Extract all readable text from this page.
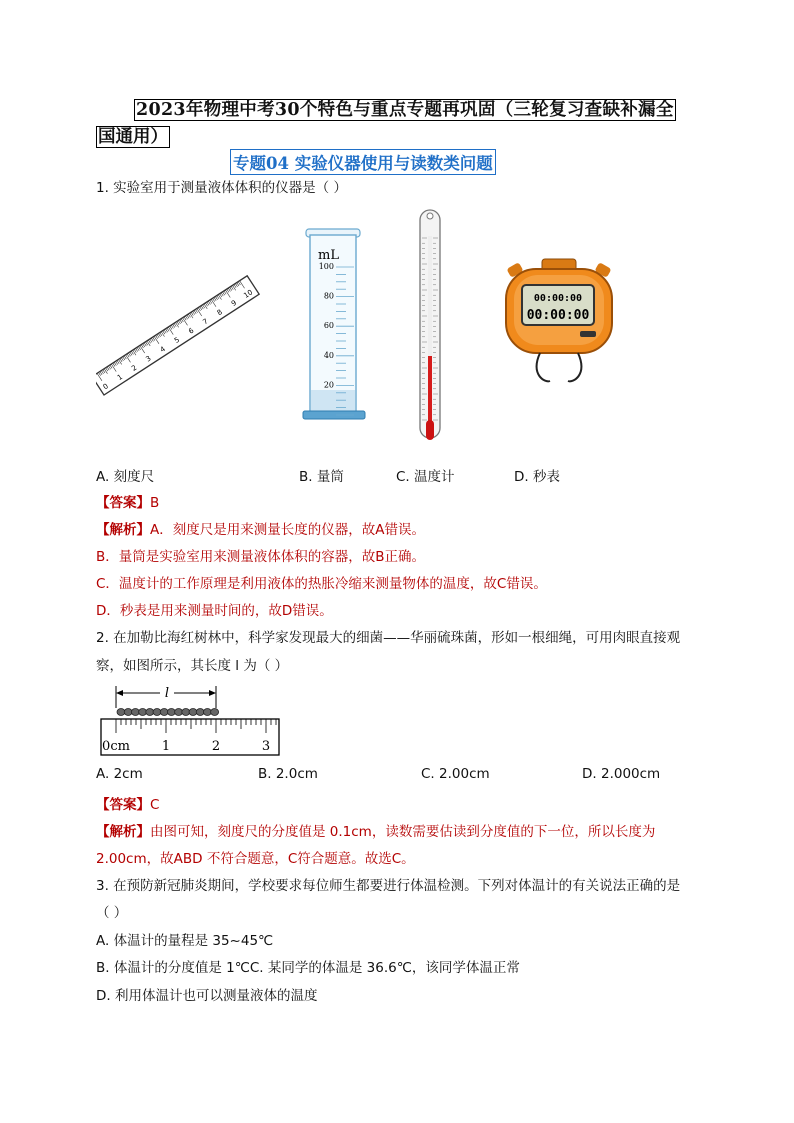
2023年物理中考30个特色与重点专题再巩固（三轮复习查缺补漏全
国通用）
专题04 实验仪器使用与读数类问题
1. 实验室用于测量液体体积的仪器是（ ）
0
1
2
3
4
5
6
7
8
9
10
mL
100
80
60
40
20
00:00:00
00:00:00
A. 刻度尺	B. 量筒	C. 温度计	D. 秒表
【答案】B
【解析】A．刻度尺是用来测量长度的仪器，故A错误。
B．量筒是实验室用来测量液体体积的容器，故B正确。
C．温度计的工作原理是利用液体的热胀冷缩来测量物体的温度，故C错误。
D．秒表是用来测量时间的，故D错误。
2. 在加勒比海红树林中，科学家发现最大的细菌——华丽硫珠菌，形如一根细绳，可用肉眼直接观
察，如图所示，其长度 l 为（ ）
l
0cm 1	2	3
A. 2cm	B. 2.0cm	C. 2.00cm	D. 2.000cm
【答案】C
【解析】由图可知，刻度尺的分度值是 0.1cm，读数需要估读到分度值的下一位，所以长度为
2.00cm，故ABD 不符合题意，C符合题意。故选C。
3. 在预防新冠肺炎期间，学校要求每位师生都要进行体温检测。下列对体温计的有关说法正确的是
（ ）
A. 体温计的量程是 35~45℃
B. 体温计的分度值是 1℃C. 某同学的体温是 36.6℃，该同学体温正常
D. 利用体温计也可以测量液体的温度
